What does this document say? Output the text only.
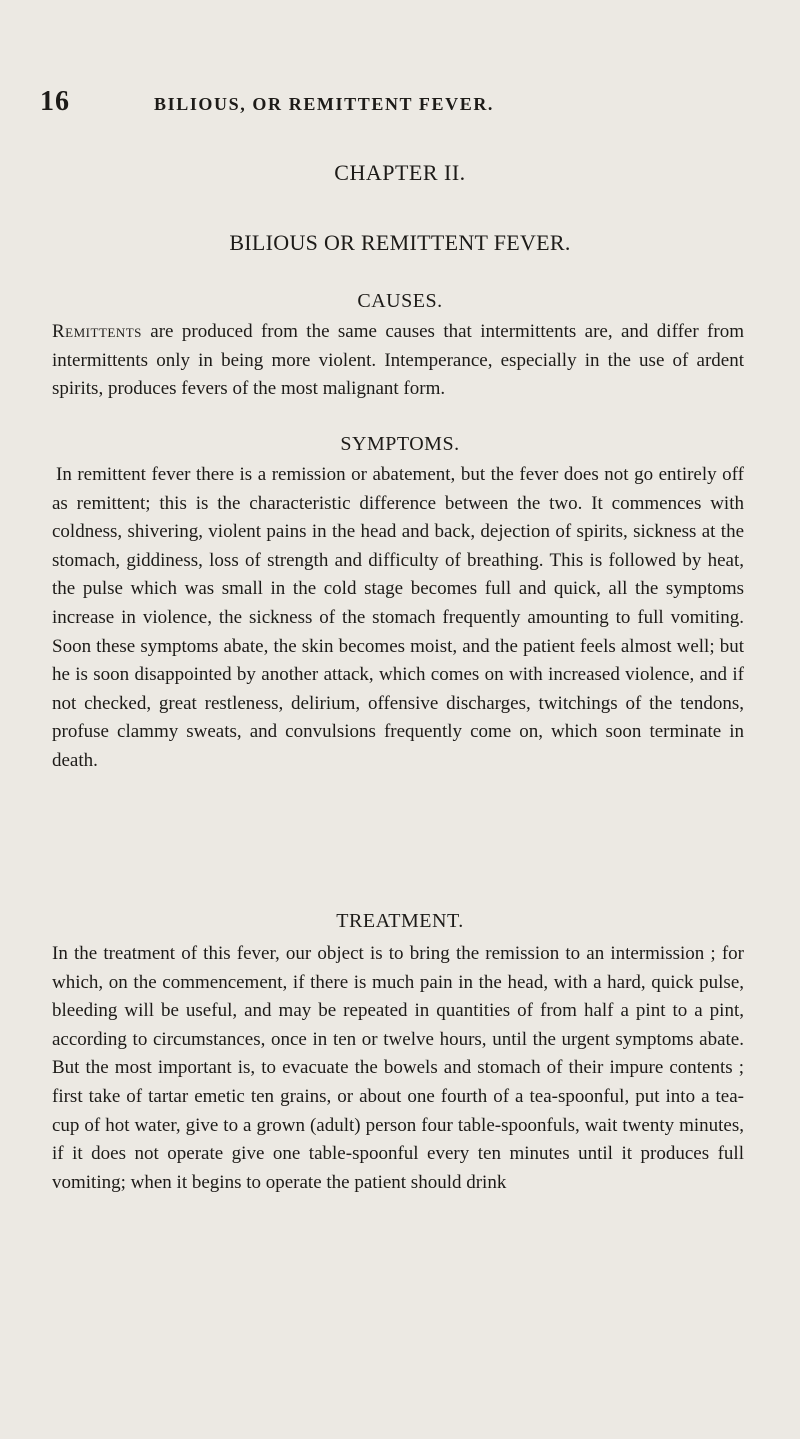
16	BILIOUS, OR REMITTENT FEVER.
CHAPTER II.
BILIOUS OR REMITTENT FEVER.
CAUSES.

Remittents are produced from the same causes that intermittents are, and differ from intermittents only in being more violent. Intemperance, especially in the use of ardent spirits, produces fevers of the most malignant form.

SYMPTOMS.

In remittent fever there is a remission or abatement, but the fever does not go entirely off as remittent; this is the characteristic difference between the two. It commences with coldness, shivering, violent pains in the head and back, dejection of spirits, sickness at the stomach, giddiness, loss of strength and difficulty of breathing. This is followed by heat, the pulse which was small in the cold stage becomes full and quick, all the symptoms increase in violence, the sickness of the stomach frequently amounting to full vomiting. Soon these symptoms abate, the skin becomes moist, and the patient feels almost well; but he is soon disappointed by another attack, which comes on with increased violence, and if not checked, great restleness, delirium, offensive discharges, twitchings of the tendons, profuse clammy sweats, and convulsions frequently come on, which soon terminate in death.

TREATMENT.

In the treatment of this fever, our object is to bring the remission to an intermission ; for which, on the commencement, if there is much pain in the head, with a hard, quick pulse, bleeding will be useful, and may be repeated in quantities of from half a pint to a pint, according to circumstances, once in ten or twelve hours, until the urgent symptoms abate. But the most important is, to evacuate the bowels and stomach of their impure contents ; first take of tartar emetic ten grains, or about one fourth of a tea-spoonful, put into a tea-cup of hot water, give to a grown (adult) person four table-spoonfuls, wait twenty minutes, if it does not operate give one table-spoonful every ten minutes until it produces full vomiting; when it begins to operate the patient should drink
